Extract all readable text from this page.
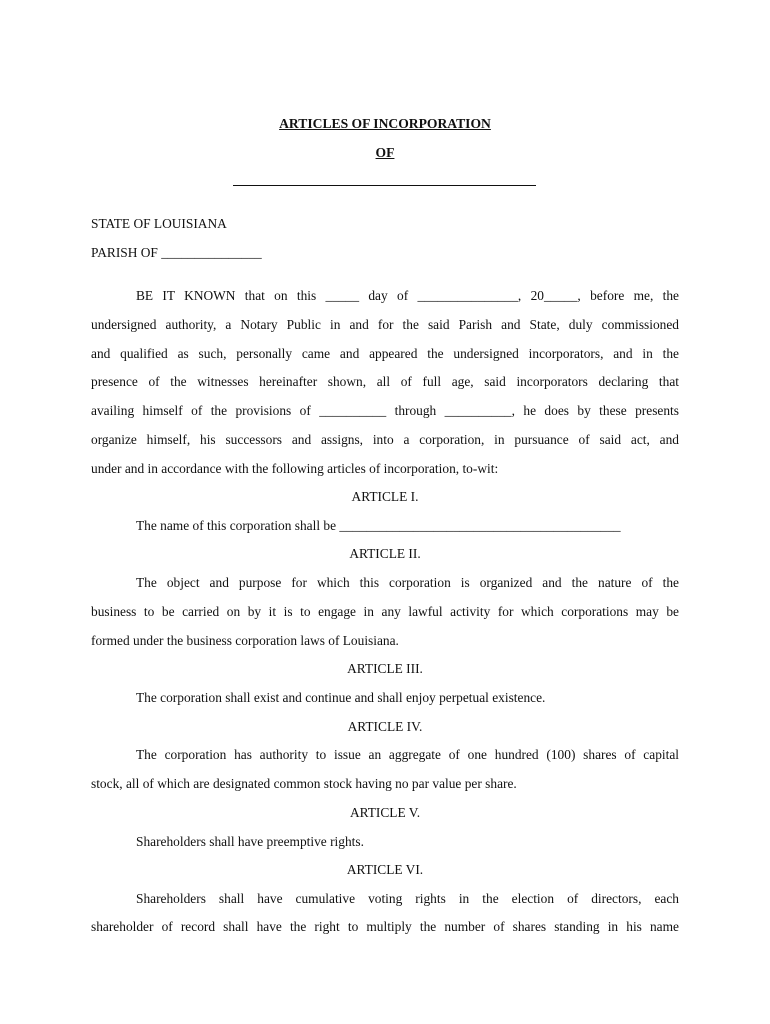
ARTICLES OF INCORPORATION
OF
STATE OF LOUISIANA
PARISH OF _______________
BE IT KNOWN that on this _____ day of _______________, 20_____, before me, the
undersigned authority, a Notary Public in and for the said Parish and State, duly commissioned
and qualified as such, personally came and appeared the undersigned incorporators, and in the
presence of the witnesses hereinafter shown, all of full age, said incorporators declaring that
availing himself of the provisions of __________ through __________, he does by these presents
organize himself, his successors and assigns, into a corporation, in pursuance of said act, and
under and in accordance with the following articles of incorporation, to-wit:
ARTICLE I.
The name of this corporation shall be __________________________________________
ARTICLE II.
The object and purpose for which this corporation is organized and the nature of the
business to be carried on by it is to engage in any lawful activity for which corporations may be
formed under the business corporation laws of Louisiana.
ARTICLE III.
The corporation shall exist and continue and shall enjoy perpetual existence.
ARTICLE IV.
The corporation has authority to issue an aggregate of one hundred (100) shares of capital
stock, all of which are designated common stock having no par value per share.
ARTICLE V.
Shareholders shall have preemptive rights.
ARTICLE VI.
Shareholders shall have cumulative voting rights in the election of directors, each
shareholder of record shall have the right to multiply the number of shares standing in his name
